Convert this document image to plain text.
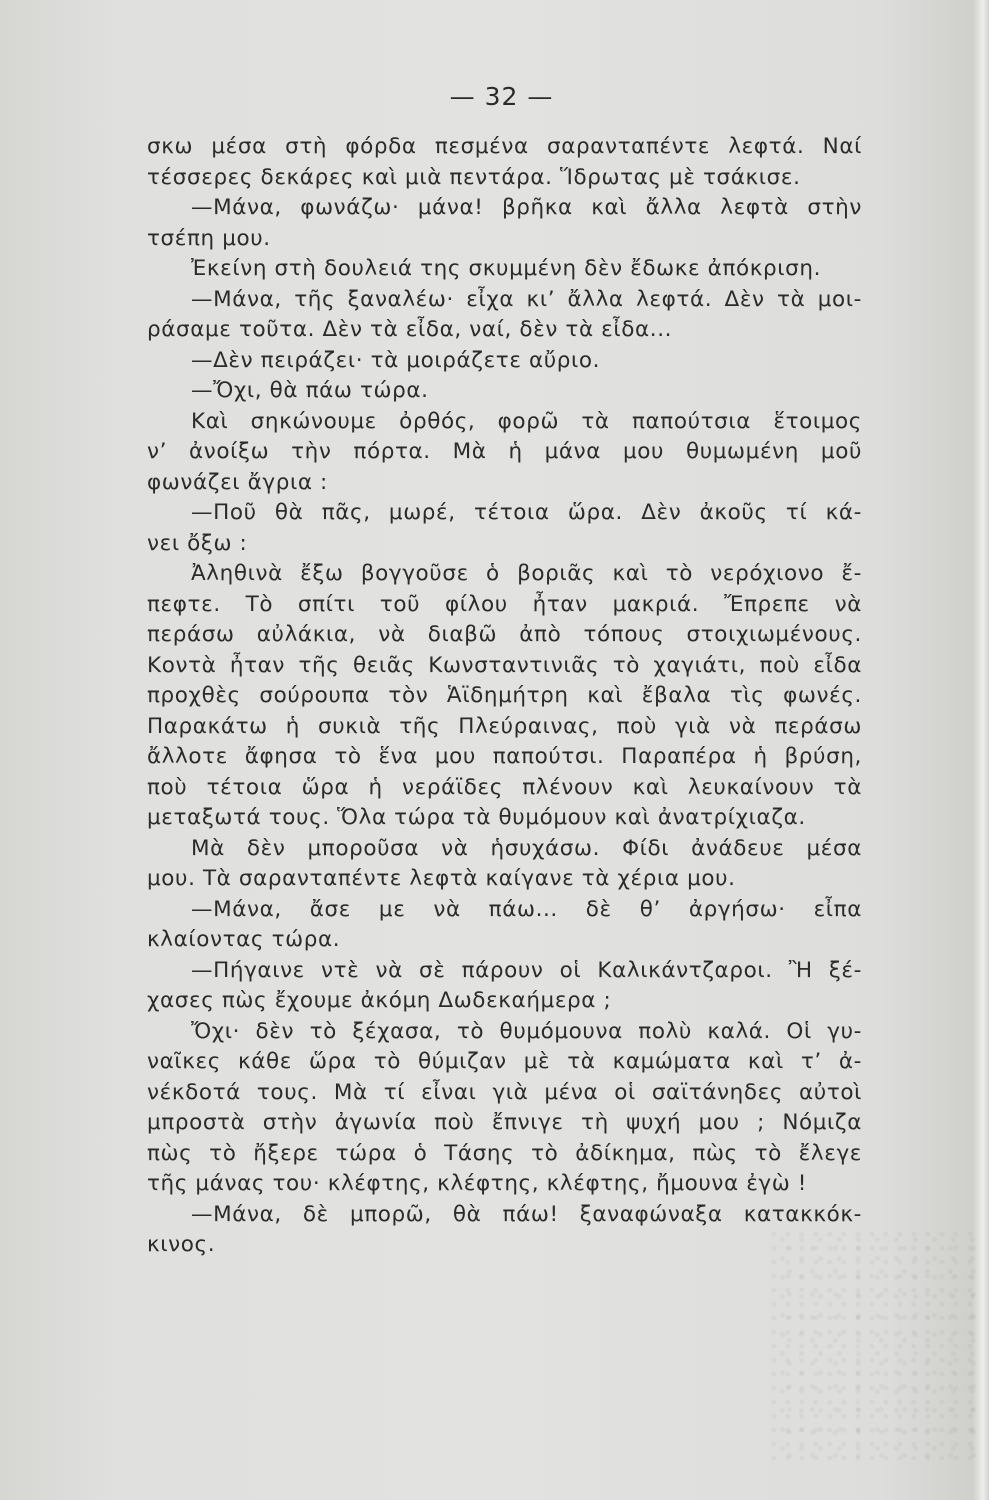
— 32 —
σκω μέσα στὴ φόρδα πεσμένα σαρανταπέντε λεφτά. Ναί
τέσσερες δεκάρες καὶ μιὰ πεντάρα. Ἵδρωτας μὲ τσάκισε.
—Μάνα, φωνάζω· μάνα! βρῆκα καὶ ἄλλα λεφτὰ στὴν
τσέπη μου.
Ἐκείνη στὴ δουλειά της σκυμμένη δὲν ἔδωκε ἀπόκριση.
—Μάνα, τῆς ξαναλέω· εἶχα κι’ ἄλλα λεφτά. Δὲν τὰ μοι-
ράσαμε τοῦτα. Δὲν τὰ εἶδα, ναί, δὲν τὰ εἶδα...
—Δὲν πειράζει· τὰ μοιράζετε αὔριο.
—Ὄχι, θὰ πάω τώρα.
Καὶ σηκώνουμε ὀρθός, φορῶ τὰ παπούτσια ἕτοιμος
ν’ ἀνοίξω τὴν πόρτα. Μὰ ἡ μάνα μου θυμωμένη μοῦ
φωνάζει ἄγρια :
—Ποῦ θὰ πᾶς, μωρέ, τέτοια ὥρα. Δὲν ἀκοῦς τί κά-
νει ὄξω :
Ἀληθινὰ ἔξω βογγοῦσε ὁ βοριᾶς καὶ τὸ νερόχιονο ἔ-
πεφτε. Τὸ σπίτι τοῦ φίλου ἦταν μακριά. Ἔπρεπε νὰ
περάσω αὐλάκια, νὰ διαβῶ ἀπὸ τόπους στοιχιωμένους.
Κοντὰ ἦταν τῆς θειᾶς Κωνσταντινιᾶς τὸ χαγιάτι, ποὺ εἶδα
προχθὲς σούρουπα τὸν Ἁϊδημήτρη καὶ ἔβαλα τὶς φωνές.
Παρακάτω ἡ συκιὰ τῆς Πλεύραινας, ποὺ γιὰ νὰ περάσω
ἄλλοτε ἄφησα τὸ ἕνα μου παπούτσι. Παραπέρα ἡ βρύση,
ποὺ τέτοια ὥρα ἡ νεράϊδες πλένουν καὶ λευκαίνουν τὰ
μεταξωτά τους. Ὅλα τώρα τὰ θυμόμουν καὶ ἀνατρίχιαζα.
Μὰ δὲν μποροῦσα νὰ ἡσυχάσω. Φίδι ἀνάδευε μέσα
μου. Τὰ σαρανταπέντε λεφτὰ καίγανε τὰ χέρια μου.
—Μάνα, ἄσε με νὰ πάω... δὲ θ’ ἀργήσω· εἶπα
κλαίοντας τώρα.
—Πήγαινε ντὲ νὰ σὲ πάρουν οἱ Καλικάντζαροι. Ἢ ξέ-
χασες πὼς ἔχουμε ἀκόμη Δωδεκαήμερα ;
Ὄχι· δὲν τὸ ξέχασα, τὸ θυμόμουνα πολὺ καλά. Οἱ γυ-
ναῖκες κάθε ὥρα τὸ θύμιζαν μὲ τὰ καμώματα καὶ τ’ ἀ-
νέκδοτά τους. Μὰ τί εἶναι γιὰ μένα οἱ σαϊτάνηδες αὐτοὶ
μπροστὰ στὴν ἀγωνία ποὺ ἔπνιγε τὴ ψυχή μου ; Νόμιζα
πὼς τὸ ἤξερε τώρα ὁ Τάσης τὸ ἀδίκημα, πὼς τὸ ἔλεγε
τῆς μάνας του· κλέφτης, κλέφτης, κλέφτης, ἤμουνα ἐγὼ !
—Μάνα, δὲ μπορῶ, θὰ πάω! ξαναφώναξα κατακκόκ-
κινος.
